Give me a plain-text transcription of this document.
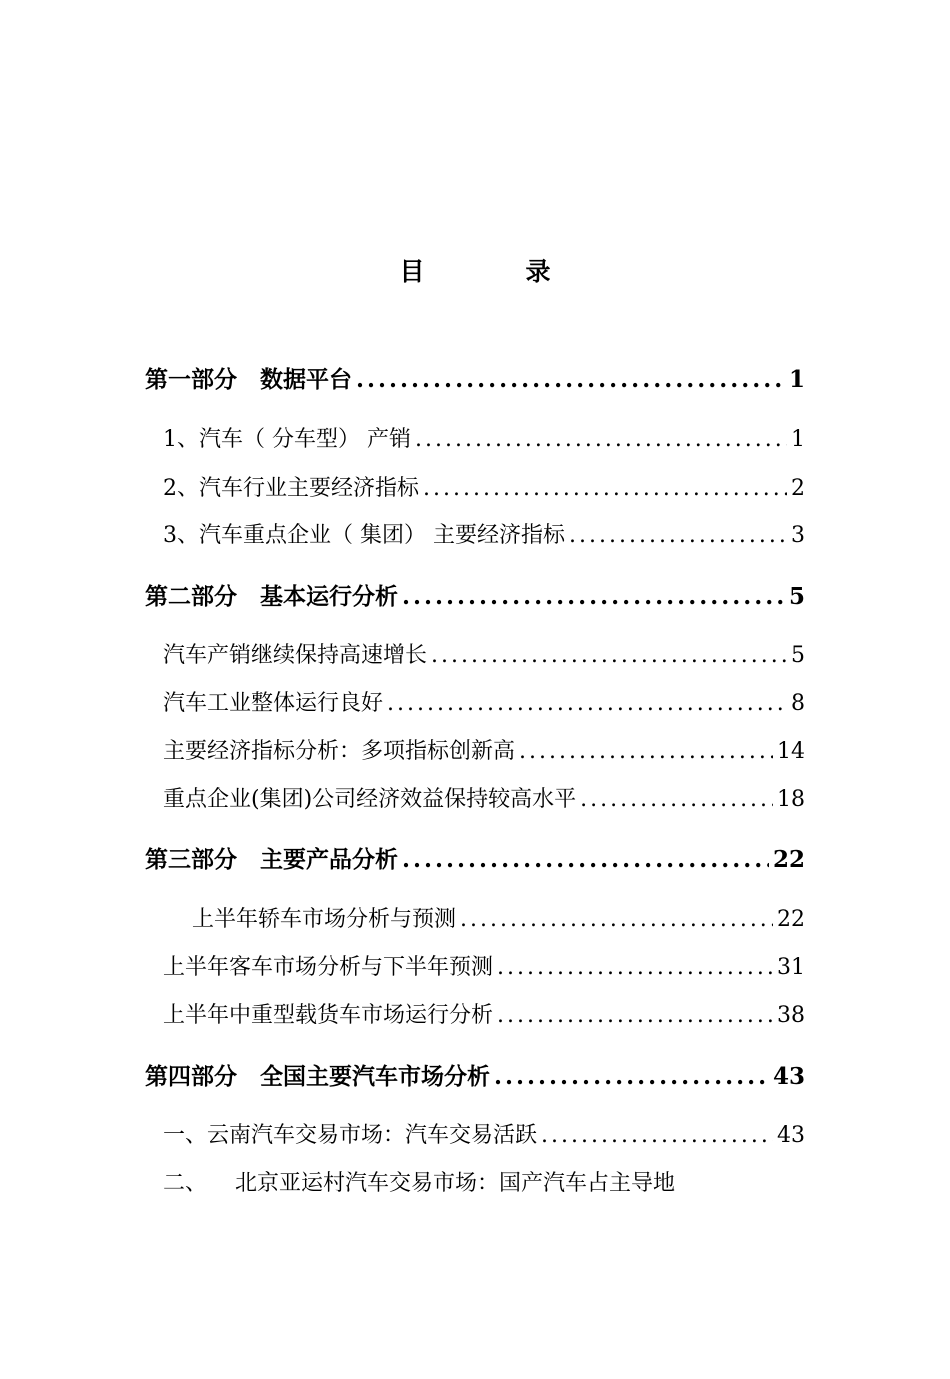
目　录
第一部分　数据平台 .....	1
1、 汽车（ 分车型） 产销 .....	1
2、 汽车行业主要经济指标 .....	2
3、 汽车重点企业（ 集团） 主要经济指标 .....	3
第二部分　基本运行分析 .....	5
汽车产销继续保持高速增长 .....	5
汽车工业整体运行良好 .....	8
主要经济指标分析：多项指标创新高 .....	14
重点企业(集团)公司经济效益保持较高水平 .....	18
第三部分　主要产品分析 .....	22
上半年轿车市场分析与预测 .....	22
上半年客车市场分析与下半年预测 .....	31
上半年中重型载货车市场运行分析 .....	38
第四部分　全国主要汽车市场分析 .....	43
一、 云南汽车交易市场：汽车交易活跃 .....	43
二、	北京亚运村汽车交易市场：国产汽车占主导地
